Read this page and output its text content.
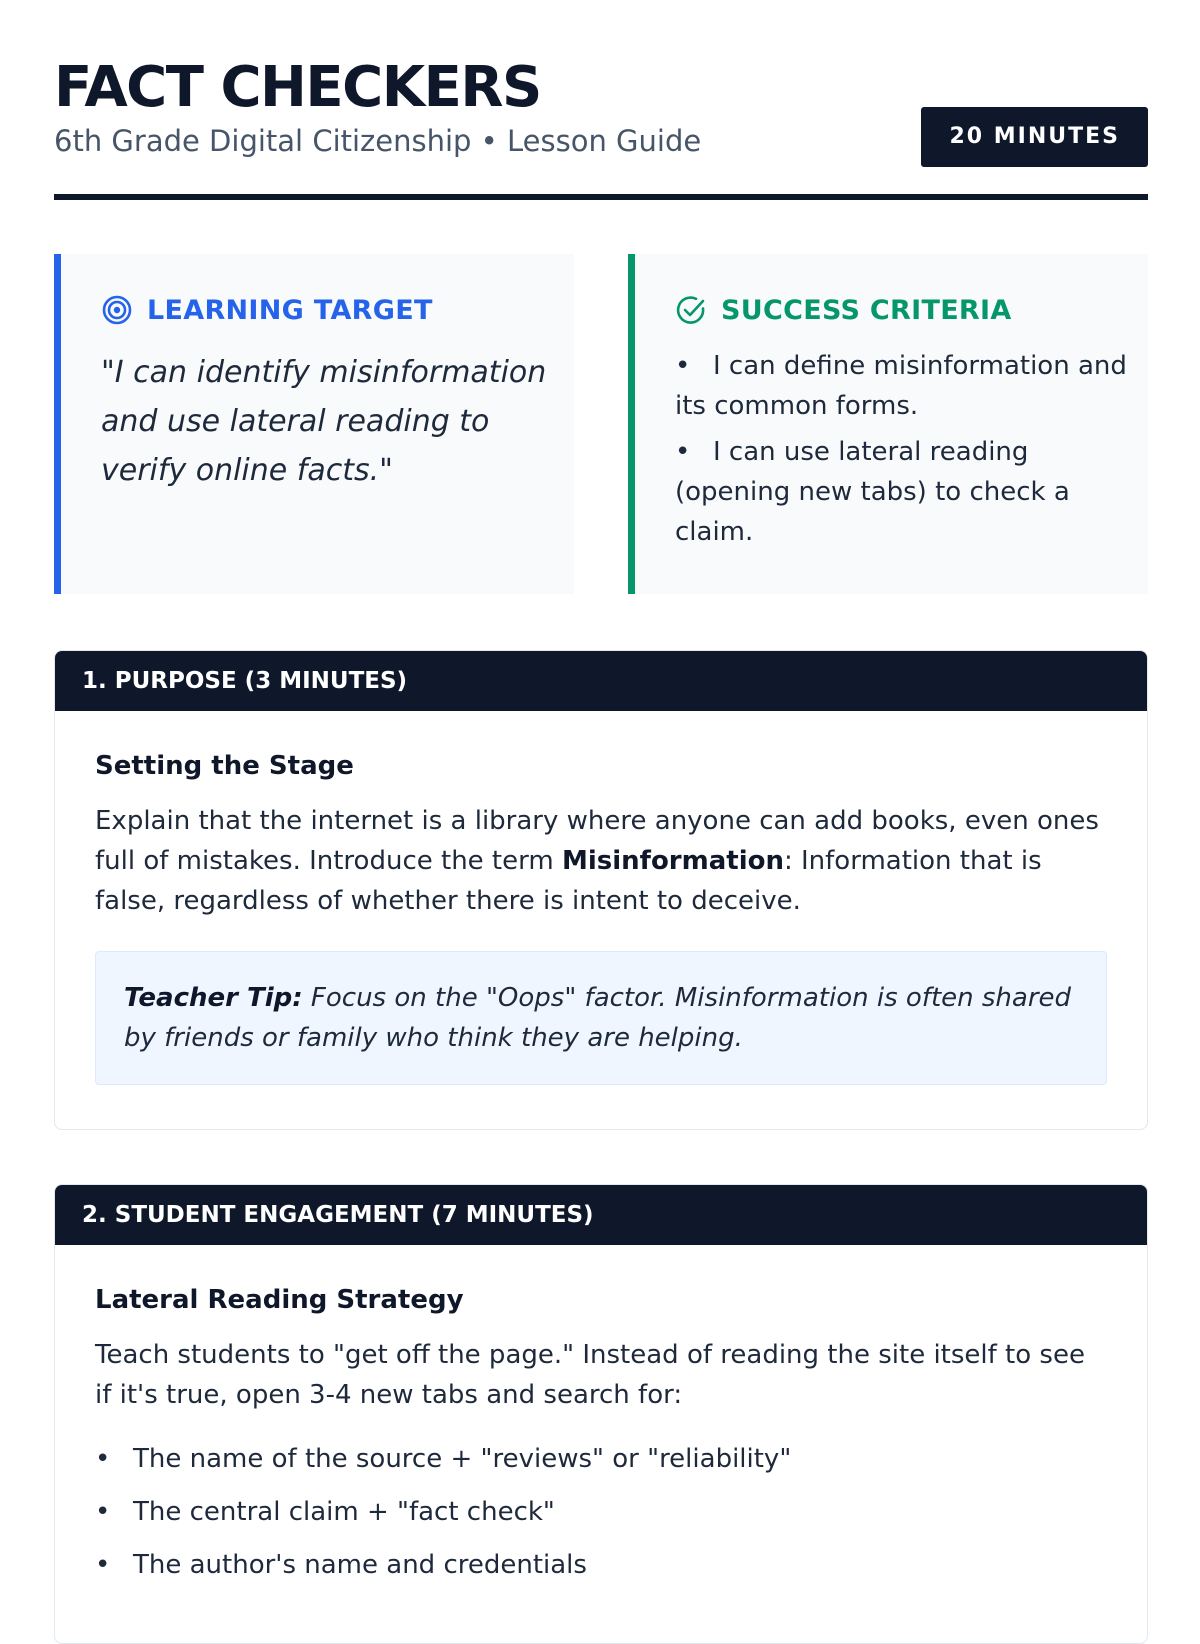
FACT CHECKERS
6th Grade Digital Citizenship • Lesson Guide	20 MINUTES
LEARNING TARGET
"I can identify misinformation and use lateral reading to verify online facts."
SUCCESS CRITERIA
• I can define misinformation and its common forms.
• I can use lateral reading (opening new tabs) to check a claim.
1. PURPOSE (3 MINUTES)
Setting the Stage
Explain that the internet is a library where anyone can add books, even ones full of mistakes. Introduce the term Misinformation: Information that is false, regardless of whether there is intent to deceive.
Teacher Tip: Focus on the "Oops" factor. Misinformation is often shared by friends or family who think they are helping.
2. STUDENT ENGAGEMENT (7 MINUTES)
Lateral Reading Strategy
Teach students to "get off the page." Instead of reading the site itself to see if it's true, open 3-4 new tabs and search for:
• The name of the source + "reviews" or "reliability"
• The central claim + "fact check"
• The author's name and credentials
